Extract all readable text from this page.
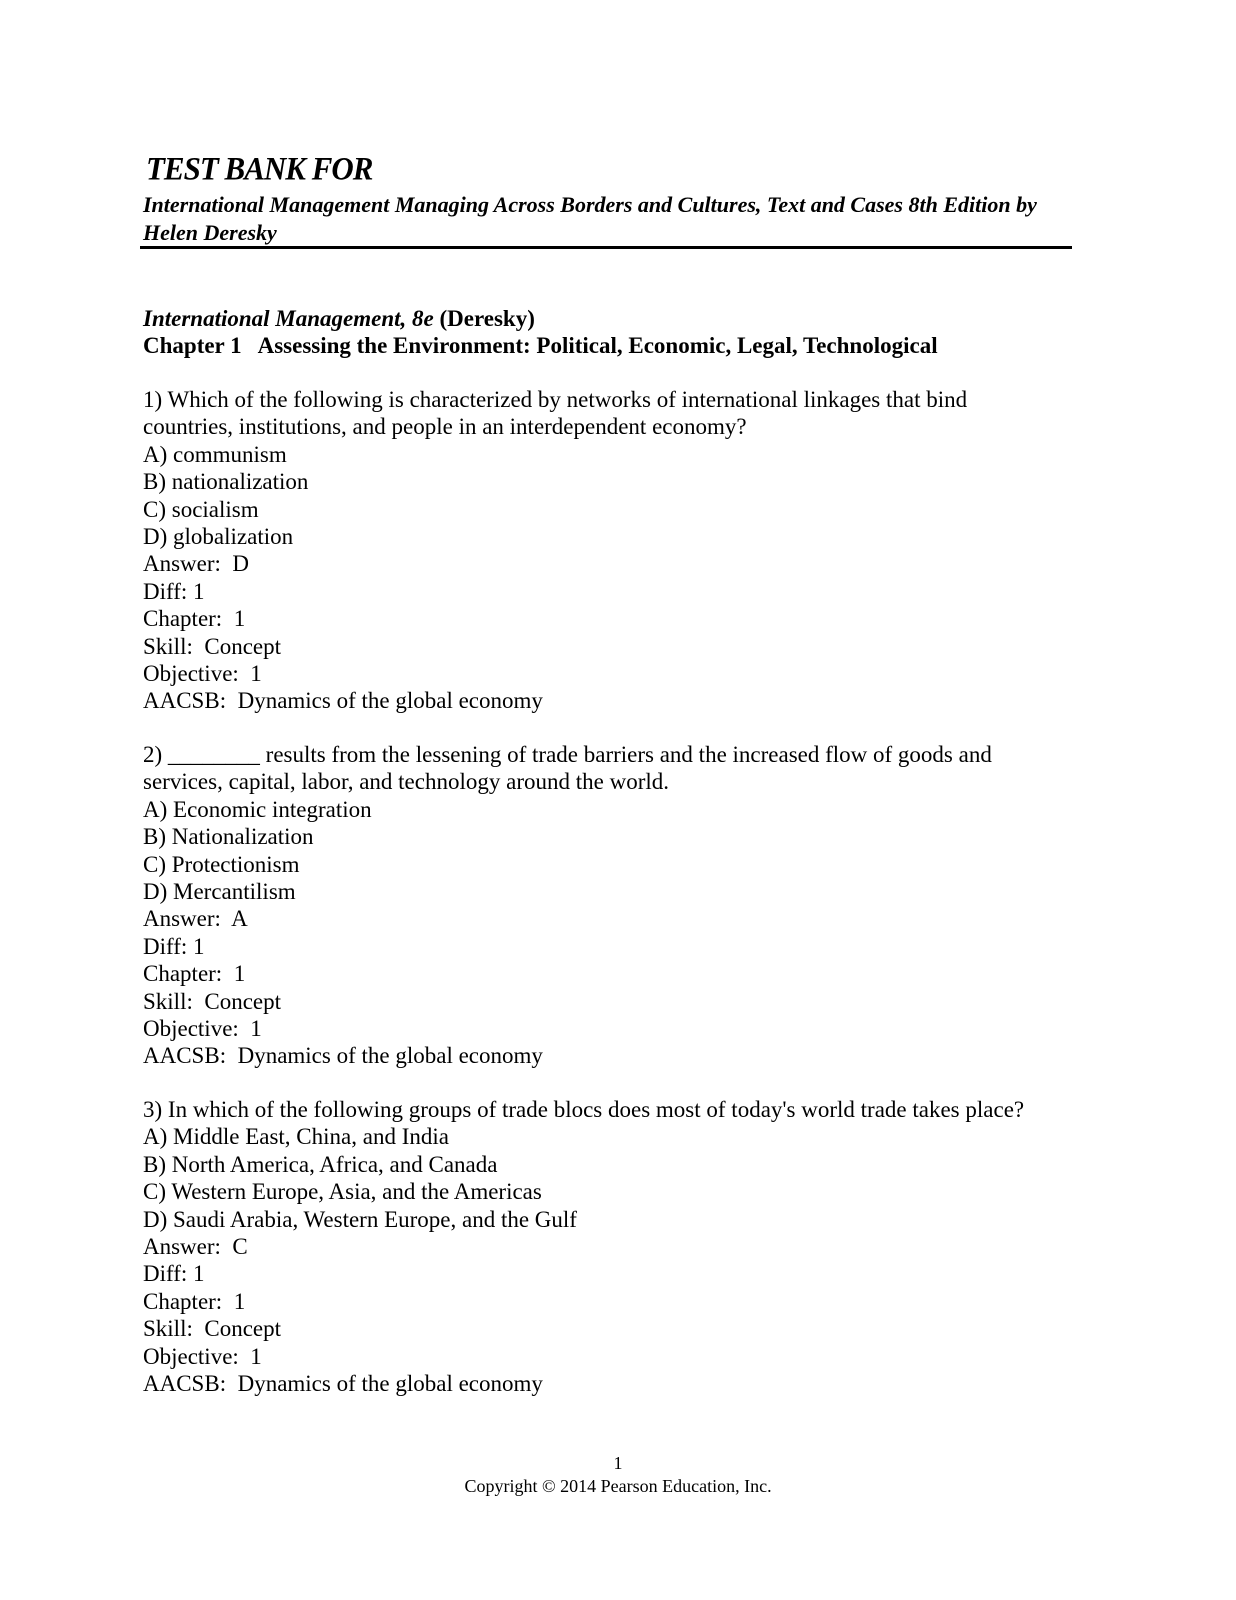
TEST BANK FOR
International Management Managing Across Borders and Cultures, Text and Cases 8th Edition by Helen Deresky
International Management, 8e (Deresky)
Chapter 1 Assessing the Environment: Political, Economic, Legal, Technological
1) Which of the following is characterized by networks of international linkages that bind
countries, institutions, and people in an interdependent economy?
A) communism
B) nationalization
C) socialism
D) globalization
Answer:  D
Diff: 1
Chapter:  1
Skill:  Concept
Objective:  1
AACSB:  Dynamics of the global economy
2) ________ results from the lessening of trade barriers and the increased flow of goods and
services, capital, labor, and technology around the world.
A) Economic integration
B) Nationalization
C) Protectionism
D) Mercantilism
Answer:  A
Diff: 1
Chapter:  1
Skill:  Concept
Objective:  1
AACSB:  Dynamics of the global economy
3) In which of the following groups of trade blocs does most of today's world trade takes place?
A) Middle East, China, and India
B) North America, Africa, and Canada
C) Western Europe, Asia, and the Americas
D) Saudi Arabia, Western Europe, and the Gulf
Answer:  C
Diff: 1
Chapter:  1
Skill:  Concept
Objective:  1
AACSB:  Dynamics of the global economy
1
Copyright © 2014 Pearson Education, Inc.
